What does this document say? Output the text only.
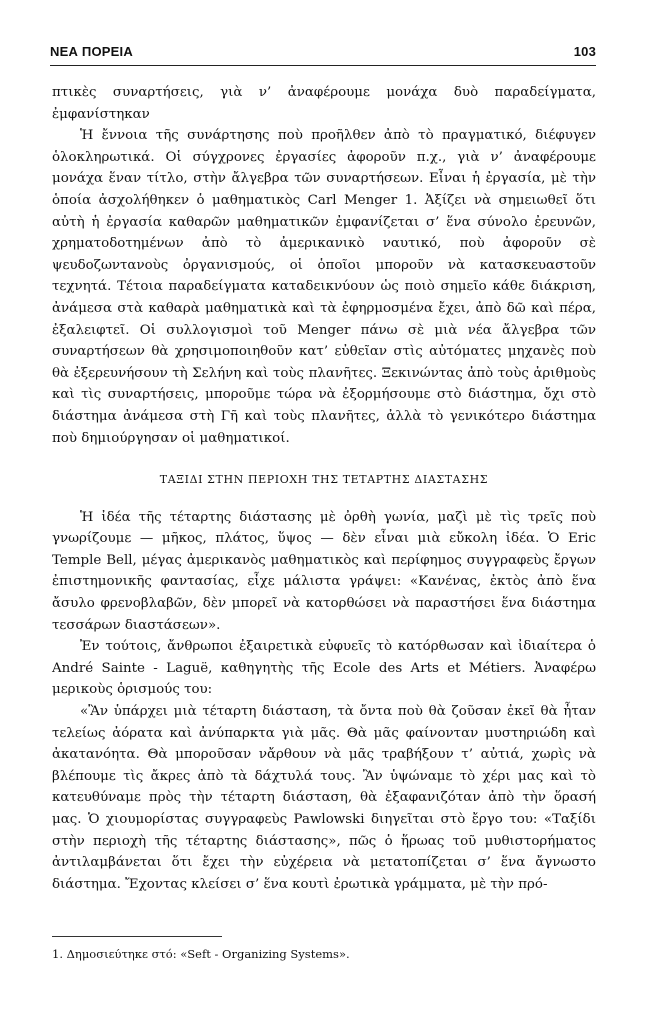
ΝΕΑ ΠΟΡΕΙΑ	103

πτικὲς συναρτήσεις, γιὰ ν’ ἀναφέρουμε μονάχα δυὸ παραδείγματα, ἐμφανίστηκαν

Ἡ ἔννοια τῆς συνάρτησης ποὺ προῆλθεν ἀπὸ τὸ πραγματικό, διέφυγεν ὁλοκληρωτικά. Οἱ σύγχρονες ἐργασίες ἀφοροῦν π.χ., γιὰ ν’ ἀναφέρουμε μονάχα ἕναν τίτλο, στὴν ἄλγεβρα τῶν συναρτήσεων. Εἶναι ἡ ἐργασία, μὲ τὴν ὁποία ἀσχολήθηκεν ὁ μαθηματικὸς Carl Menger 1. Ἀξίζει νὰ σημειωθεῖ ὅτι αὐτὴ ἡ ἐργασία καθαρῶν μαθηματικῶν ἐμφανίζεται σ’ ἕνα σύνολο ἐρευνῶν, χρηματοδοτημένων ἀπὸ τὸ ἀμερικανικὸ ναυτικό, ποὺ ἀφοροῦν σὲ ψευδοζωντανοὺς ὀργανισμούς, οἱ ὁποῖοι μποροῦν νὰ κατασκευαστοῦν τεχνητά. Τέτοια παραδείγματα καταδεικνύουν ὡς ποιὸ σημεῖο κάθε διάκριση, ἀνάμεσα στὰ καθαρὰ μαθηματικὰ καὶ τὰ ἐφηρμοσμένα ἔχει, ἀπὸ δῶ καὶ πέρα, ἐξαλειφτεῖ. Οἱ συλλογισμοὶ τοῦ Menger πάνω σὲ μιὰ νέα ἄλγεβρα τῶν συναρτήσεων θὰ χρησιμοποιηθοῦν κατ’ εὐθεῖαν στὶς αὐτόματες μηχανὲς ποὺ θὰ ἐξερευνήσουν τὴ Σελήνη καὶ τοὺς πλανῆτες. Ξεκινώντας ἀπὸ τοὺς ἀριθμοὺς καὶ τὶς συναρτήσεις, μποροῦμε τώρα νὰ ἐξορμήσουμε στὸ διάστημα, ὄχι στὸ διάστημα ἀνάμεσα στὴ Γῆ καὶ τοὺς πλανῆτες, ἀλλὰ τὸ γενικότερο διάστημα ποὺ δημιούργησαν οἱ μαθηματικοί.

ΤΑΞΙΔΙ ΣΤΗΝ ΠΕΡΙΟΧΗ ΤΗΣ ΤΕΤΑΡΤΗΣ ΔΙΑΣΤΑΣΗΣ

Ἡ ἰδέα τῆς τέταρτης διάστασης μὲ ὀρθὴ γωνία, μαζὶ μὲ τὶς τρεῖς ποὺ γνωρίζουμε — μῆκος, πλάτος, ὕψος — δὲν εἶναι μιὰ εὔκολη ἰδέα. Ὁ Eric Temple Bell, μέγας ἀμερικανὸς μαθηματικὸς καὶ περίφημος συγγραφεὺς ἔργων ἐπιστημονικῆς φαντασίας, εἶχε μάλιστα γράψει: «Κανένας, ἐκτὸς ἀπὸ ἕνα ἄσυλο φρενοβλαβῶν, δὲν μπορεῖ νὰ κατορθώσει νὰ παραστήσει ἕνα διάστημα τεσσάρων διαστάσεων».

Ἐν τούτοις, ἄνθρωποι ἐξαιρετικὰ εὐφυεῖς τὸ κατόρθωσαν καὶ ἰδιαίτερα ὁ André Sainte - Laguë, καθηγητὴς τῆς Ecole des Arts et Métiers. Ἀναφέρω μερικοὺς ὁρισμούς του:

«Ἂν ὑπάρχει μιὰ τέταρτη διάσταση, τὰ ὄντα ποὺ θὰ ζοῦσαν ἐκεῖ θὰ ἦταν τελείως ἀόρατα καὶ ἀνύπαρκτα γιὰ μᾶς. Θὰ μᾶς φαίνονταν μυστηριώδη καὶ ἀκατανόητα. Θὰ μποροῦσαν νἄρθουν νὰ μᾶς τραβήξουν τ’ αὐτιά, χωρὶς νὰ βλέπουμε τὶς ἄκρες ἀπὸ τὰ δάχτυλά τους. Ἂν ὑψώναμε τὸ χέρι μας καὶ τὸ κατευθύναμε πρὸς τὴν τέταρτη διάσταση, θὰ ἐξαφανιζόταν ἀπὸ τὴν ὅρασή μας. Ὁ χιουμορίστας συγγραφεὺς Pawlowski διηγεῖται στὸ ἔργο του: «Ταξίδι στὴν περιοχὴ τῆς τέταρτης διάστασης», πῶς ὁ ἥρωας τοῦ μυθιστορήματος ἀντιλαμβάνεται ὅτι ἔχει τὴν εὐχέρεια νὰ μετατοπίζεται σ’ ἕνα ἄγνωστο διάστημα. Ἔχοντας κλείσει σ’ ἕνα κουτὶ ἐρωτικὰ γράμματα, μὲ τὴν πρό-

1. Δημοσιεύτηκε στό: «Seft - Organizing Systems».
